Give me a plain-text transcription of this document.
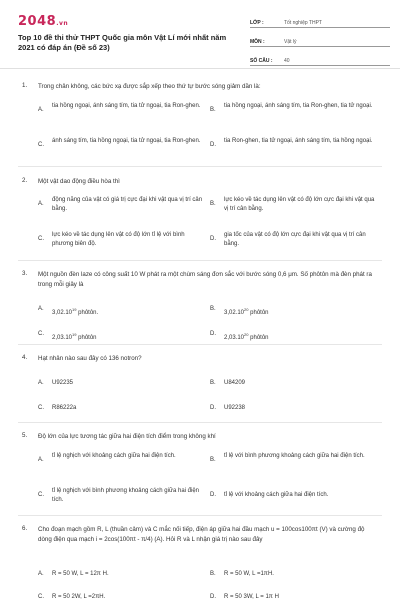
2048.vn
Top 10 đề thi thử THPT Quốc gia môn Vật Lí mới nhất năm 2021 có đáp án (Đề số 23)
LỚP :	Tốt nghiệp THPT
MÔN :	Vật lý
SỐ CÂU :	40
1. Trong chân không, các bức xạ được sắp xếp theo thứ tự bước sóng giảm dần là:
A.
tia hồng ngoại, ánh sáng tím, tia tử ngoại, tia Ron-ghen.
B.
tia hồng ngoại, ánh sáng tím, tia Ron-ghen, tia tử ngoại.
C.
ánh sáng tím, tia hồng ngoại, tia tử ngoại, tia Ron-ghen.
D.
tia Ron-ghen, tia tử ngoại, ánh sáng tím, tia hồng ngoại.
2. Một vật dao động điều hòa thì
A.
động năng của vật có giá trị cực đại khi vật qua vị trí cân bằng.
B.
lực kéo về tác dụng lên vật có độ lớn cực đại khi vật qua vị trí cân bằng.
C.
lực kéo về tác dụng lên vật có độ lớn tỉ lệ với bình phương biên độ.
D.
gia tốc của vật có độ lớn cực đại khi vật qua vị trí cân bằng.
3. Một nguồn đèn laze có công suất 10 W phát ra một chùm sáng đơn sắc với bước sóng 0,6 μm. Số phôtôn mà đèn phát ra trong mỗi giây là
A.
3,02.10$^{19}$ phôtôn.
B.
3,02.10$^{20}$ phôtôn
C.
2,03.10$^{19}$ phôtôn
D.
2,03.10$^{20}$ phôtôn
4. Hạt nhân nào sau đây có 136 notron?
A.	U92235	B.	U84209
C.	R86222a	D.	U92238
5. Độ lớn của lực tương tác giữa hai điện tích điểm trong không khí
A.
tỉ lệ nghịch với khoảng cách giữa hai điện tích.
B.
tỉ lệ với bình phương khoảng cách giữa hai điện tích.
C.
tỉ lệ nghịch với bình phương khoảng cách giữa hai điện tích.
D.	tỉ lệ với khoảng cách giữa hai điện tích.
6. Cho đoạn mạch gồm R, L (thuần cảm) và C mắc nối tiếp, điện áp giữa hai đầu mạch u = 100cos100πt (V) và cường độ dòng điện qua mạch i = 2cos(100πt - π/4) (A). Hỏi R và L nhận giá trị nào sau đây
A.	R = 50 W, L = 12π H.	B.	R = 50 W, L =1πH.
C.	R = 50 2W, L =2πH.	D.	R = 50 3W, L = 1π H
